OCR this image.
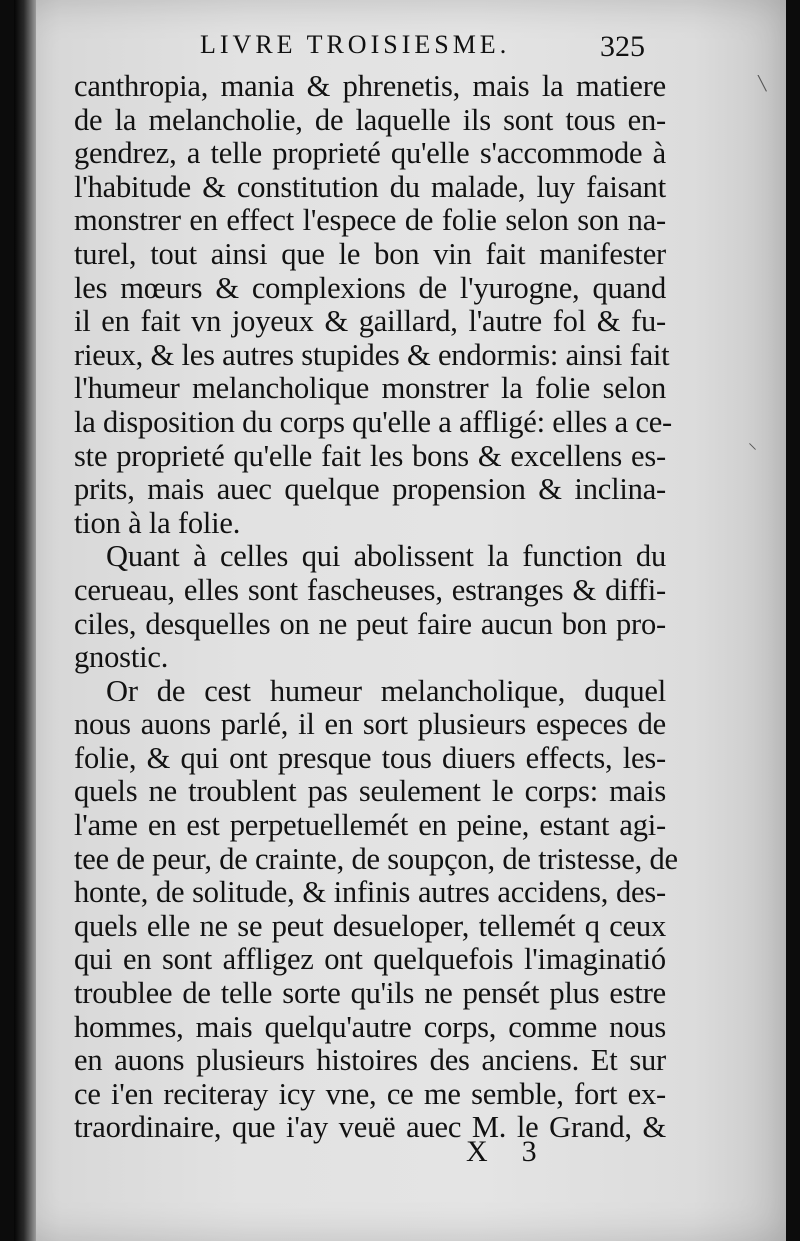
LIVRE TROISIESME.	325
canthropia, mania & phrenetis, mais la matiere
de la melancholie, de laquelle ils sont tous en-
gendrez, a telle proprieté qu'elle s'accommode à
l'habitude & constitution du malade, luy faisant
monstrer en effect l'espece de folie selon son na-
turel, tout ainsi que le bon vin fait manifester
les mœurs & complexions de l'yurogne, quand
il en fait vn joyeux & gaillard, l'autre fol & fu-
rieux, & les autres stupides & endormis: ainsi fait
l'humeur melancholique monstrer la folie selon
la disposition du corps qu'elle a affligé: elles a ce-
ste proprieté qu'elle fait les bons & excellens es-
prits, mais auec quelque propension & inclina-
tion à la folie.
Quant à celles qui abolissent la function du
cerueau, elles sont fascheuses, estranges & diffi-
ciles, desquelles on ne peut faire aucun bon pro-
gnostic.
Or de cest humeur melancholique, duquel
nous auons parlé, il en sort plusieurs especes de
folie, & qui ont presque tous diuers effects, les-
quels ne troublent pas seulement le corps: mais
l'ame en est perpetuellemét en peine, estant agi-
tee de peur, de crainte, de soupçon, de tristesse, de
honte, de solitude, & infinis autres accidens, des-
quels elle ne se peut desueloper, tellemét q ceux
qui en sont affligez ont quelquefois l'imaginatió
troublee de telle sorte qu'ils ne pensét plus estre
hommes, mais quelqu'autre corps, comme nous
en auons plusieurs histoires des anciens. Et sur
ce i'en reciteray icy vne, ce me semble, fort ex-
traordinaire, que i'ay veuë auec M. le Grand, &
X 3
⸌
╲
